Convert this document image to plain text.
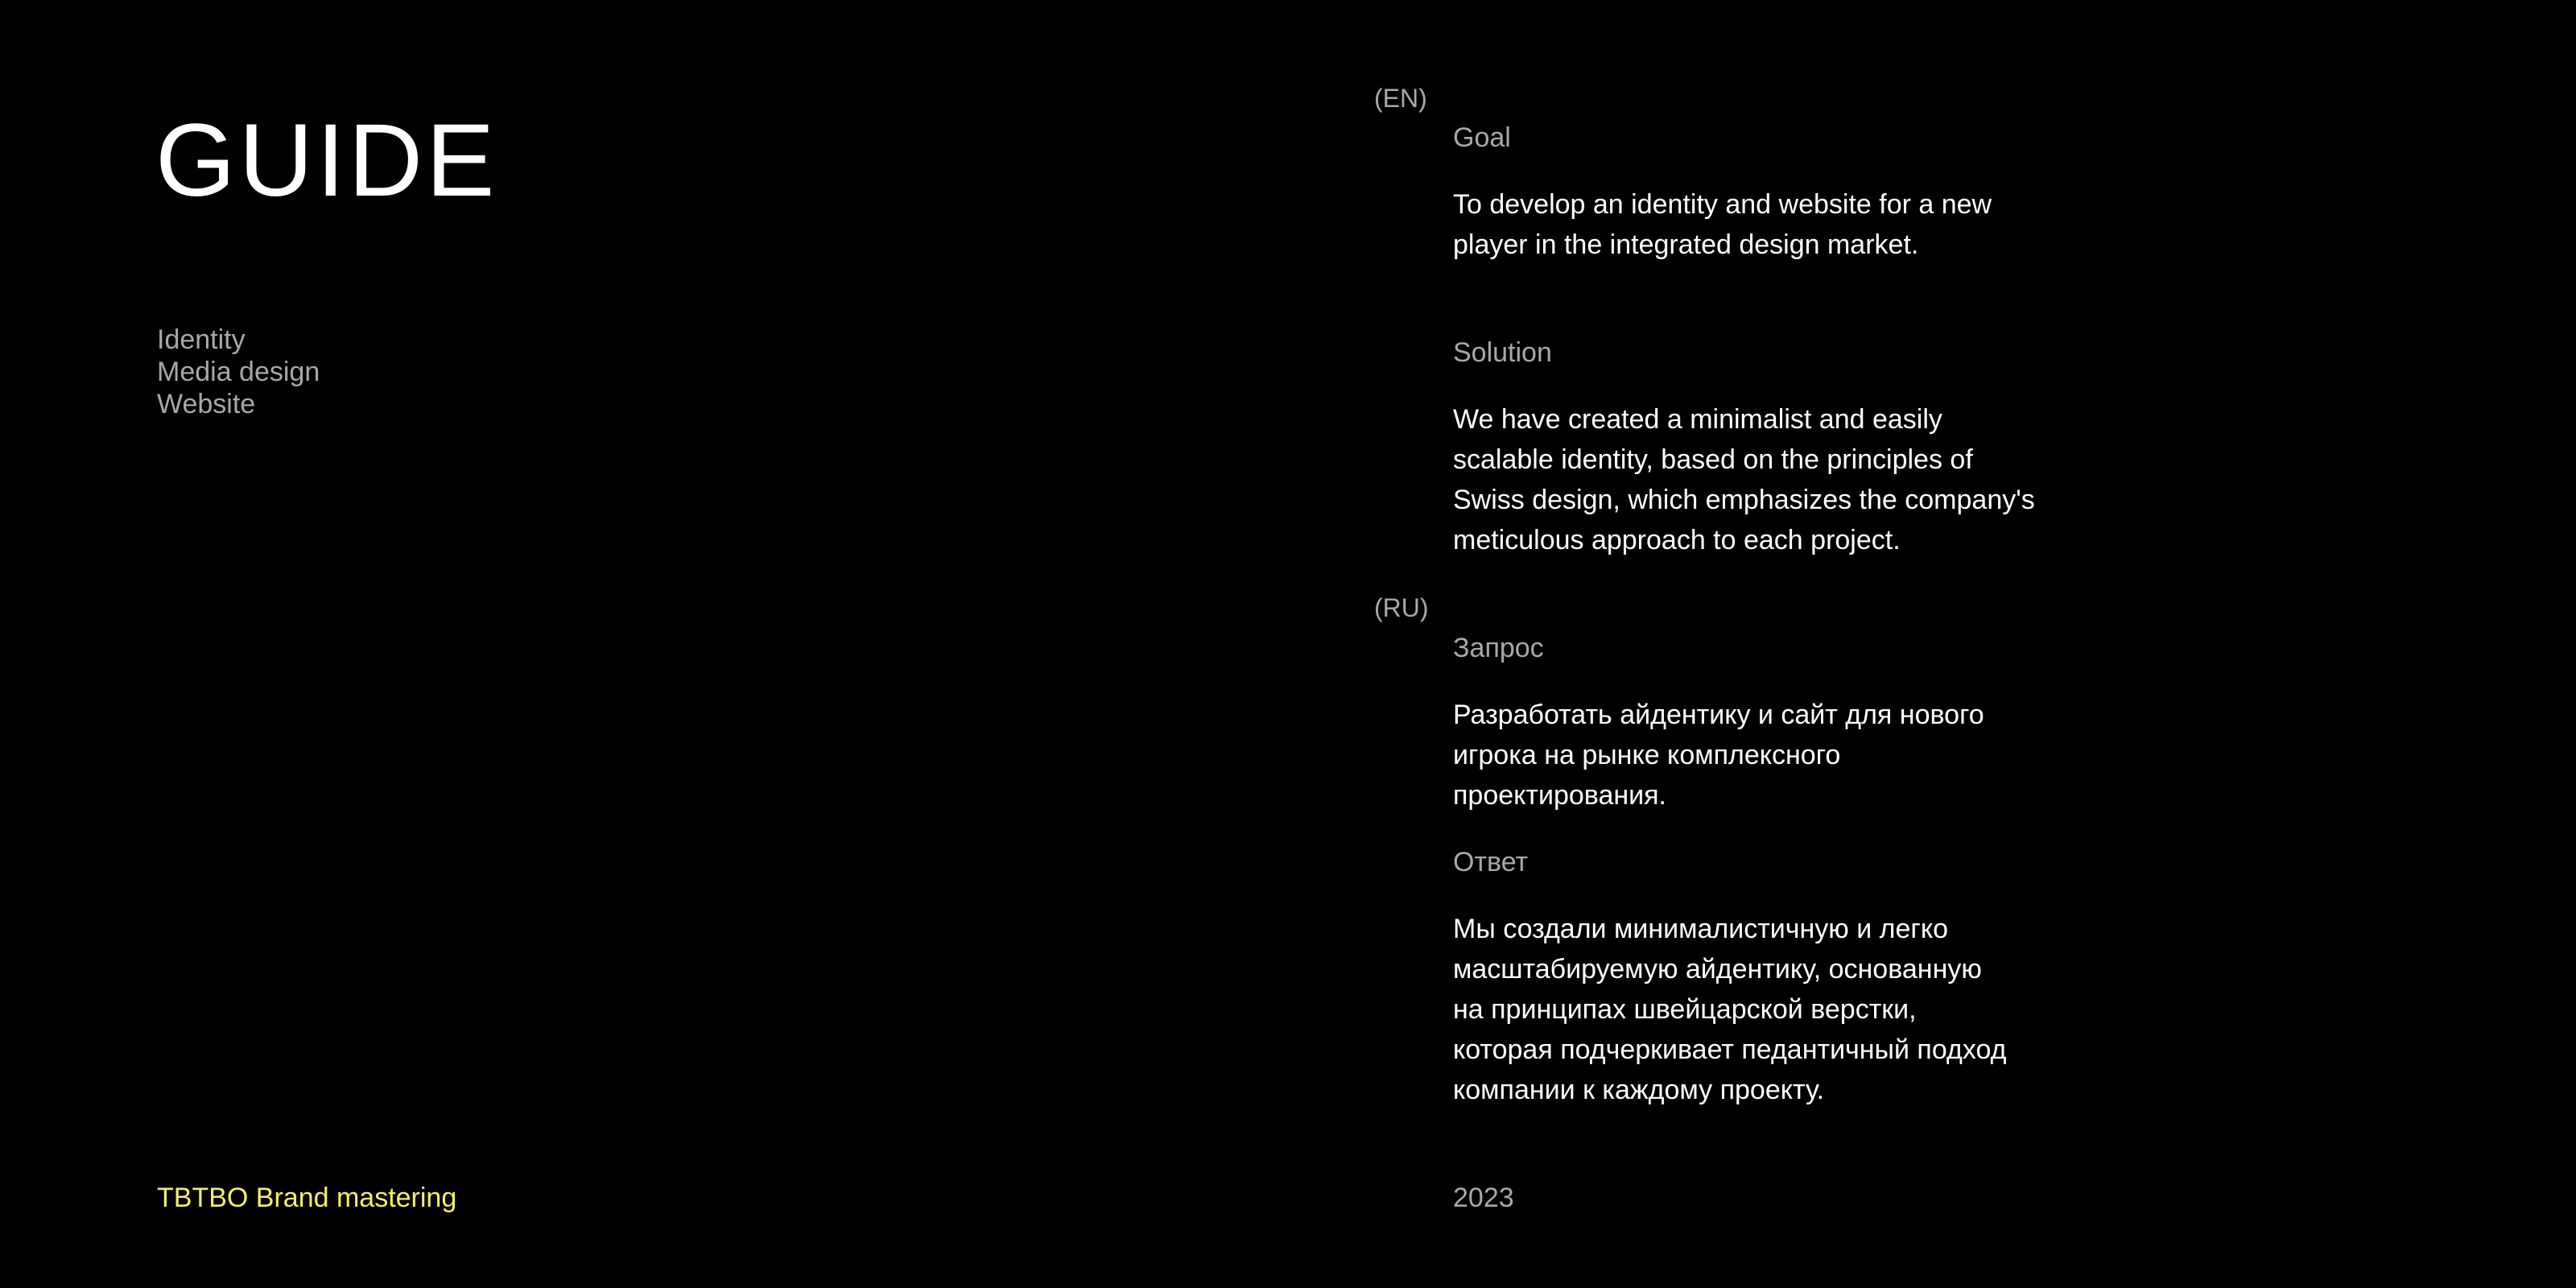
GUIDE
Identity
Media design
Website
(EN)

Goal

To develop an identity and website for a new
player in the integrated design market.

Solution

We have created a minimalist and easily
scalable identity, based on the principles of
Swiss design, which emphasizes the company's
meticulous approach to each project.

(RU)

Запрос

Разработать айдентику и сайт для нового
игрока на рынке комплексного
проектирования.

Ответ

Мы создали минималистичную и легко
масштабируемую айдентику, основанную
на принципах швейцарской верстки,
которая подчеркивает педантичный подход
компании к каждому проекту.

TBTBO Brand mastering	2023
